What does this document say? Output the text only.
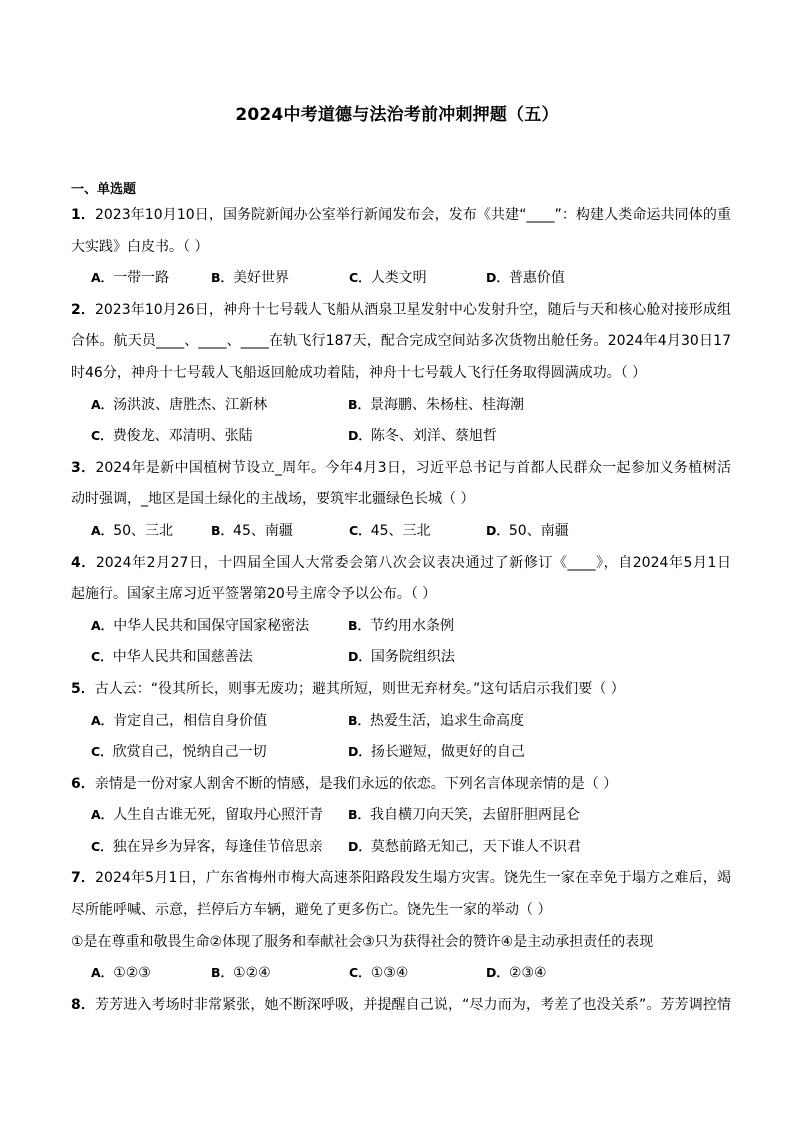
2024中考道德与法治考前冲刺押题（五）
一、单选题
1．2023年10月10日，国务院新闻办公室举行新闻发布会，发布《共建“____”：构建人类命运共同体的重
大实践》白皮书。（ ）
A．一带一路	B．美好世界	C．人类文明	D．普惠价值
2．2023年10月26日，神舟十七号载人飞船从酒泉卫星发射中心发射升空，随后与天和核心舱对接形成组
合体。航天员____、____、____在轨飞行187天，配合完成空间站多次货物出舱任务。2024年4月30日17
时46分，神舟十七号载人飞船返回舱成功着陆，神舟十七号载人飞行任务取得圆满成功。（ ）
A．汤洪波、唐胜杰、江新林	B．景海鹏、朱杨柱、桂海潮
C．费俊龙、邓清明、张陆	D．陈冬、刘洋、蔡旭哲
3．2024年是新中国植树节设立_周年。今年4月3日，习近平总书记与首都人民群众一起参加义务植树活
动时强调，_地区是国土绿化的主战场，要筑牢北疆绿色长城（ ）
A．50、三北	B．45、南疆	C．45、三北	D．50、南疆
4．2024年2月27日，十四届全国人大常委会第八次会议表决通过了新修订《____》，自2024年5月1日
起施行。国家主席习近平签署第20号主席令予以公布。（ ）
A．中华人民共和国保守国家秘密法	B．节约用水条例
C．中华人民共和国慈善法	D．国务院组织法
5．古人云：“役其所长，则事无废功；避其所短，则世无弃材矣。”这句话启示我们要（ ）
A．肯定自己，相信自身价值	B．热爱生活，追求生命高度
C．欣赏自己，悦纳自己一切	D．扬长避短，做更好的自己
6．亲情是一份对家人割舍不断的情感，是我们永远的依恋。下列名言体现亲情的是（ ）
A．人生自古谁无死，留取丹心照汗青 B．我自横刀向天笑，去留肝胆两昆仑
C．独在异乡为异客，每逢佳节倍思亲 D．莫愁前路无知己，天下谁人不识君
7．2024年5月1日，广东省梅州市梅大高速茶阳路段发生塌方灾害。饶先生一家在幸免于塌方之难后，竭
尽所能呼喊、示意，拦停后方车辆，避免了更多伤亡。饶先生一家的举动（ ）
①是在尊重和敬畏生命②体现了服务和奉献社会③只为获得社会的赞许④是主动承担责任的表现
A．①②③	B．①②④	C．①③④	D．②③④
8．芳芳进入考场时非常紧张，她不断深呼吸，并提醒自己说，“尽力而为，考差了也没关系”。芳芳调控情
